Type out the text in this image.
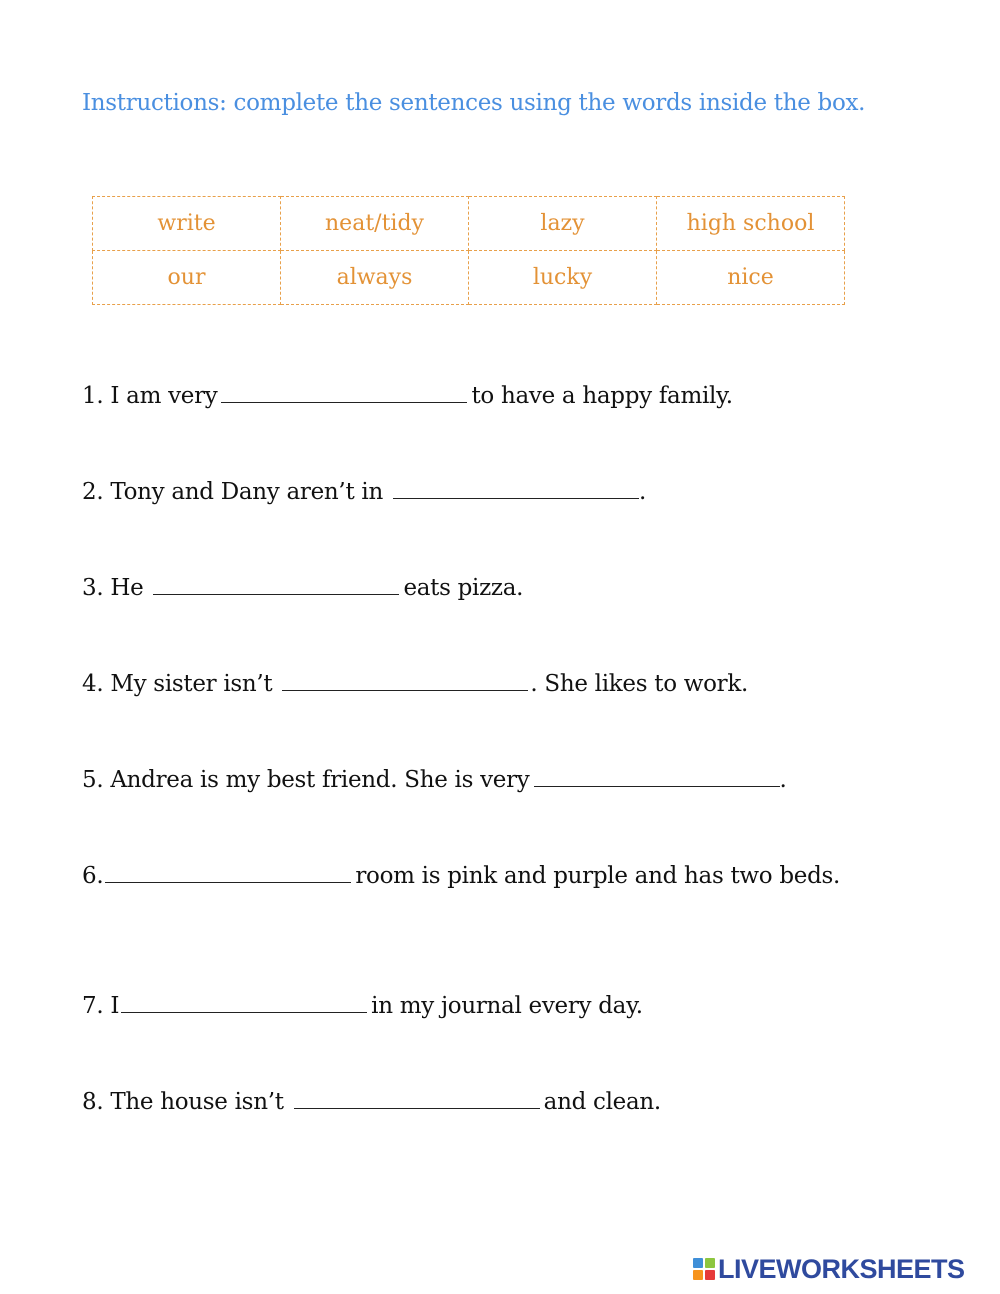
Instructions: complete the sentences using the words inside the box.
write	neat/tidy	lazy	high school
our	always	lucky	nice

1. I am very	to have a happy family.

2. Tony and Dany aren’t in	.

3. He	eats pizza.

4. My sister isn’t	. She likes to work.

5. Andrea is my best friend. She is very	.

6.	room is pink and purple and has two beds.

7. I	in my journal every day.

8. The house isn’t	and clean.

LIVEWORKSHEETS
